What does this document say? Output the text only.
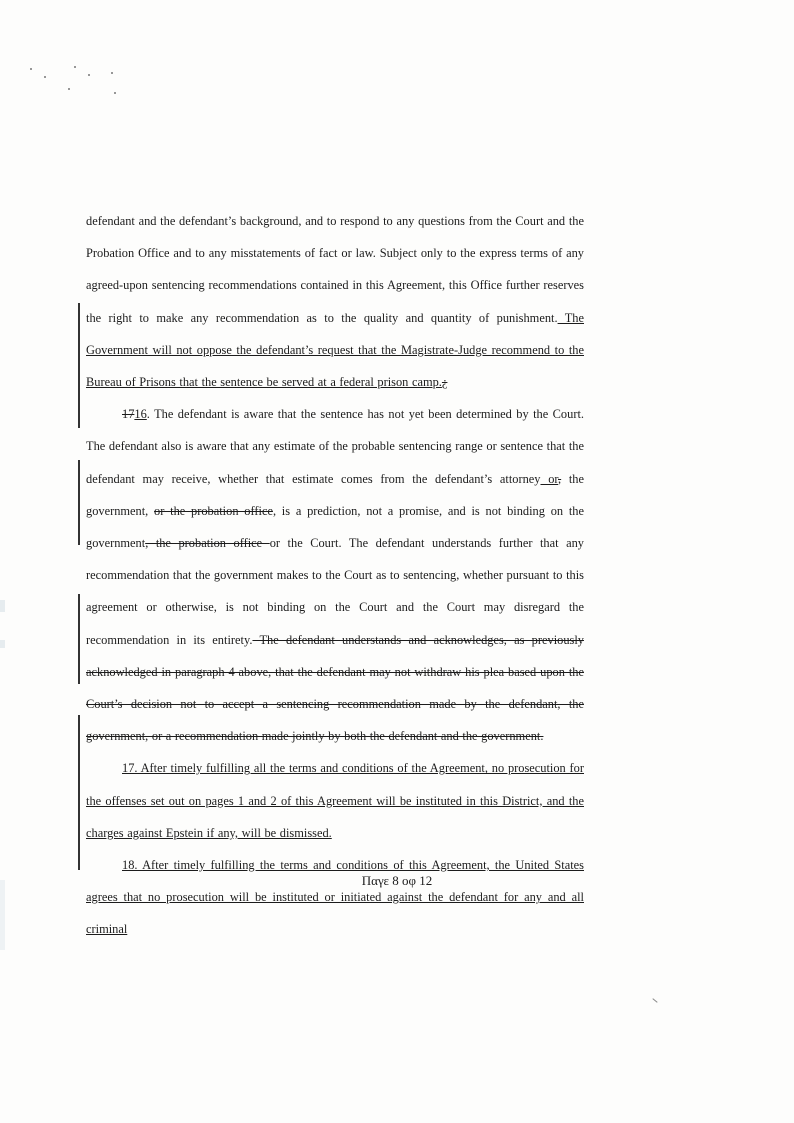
defendant and the defendant’s background, and to respond to any questions from the Court and the Probation Office and to any misstatements of fact or law. Subject only to the express terms of any agreed-upon sentencing recommendations contained in this Agreement, this Office further reserves the right to make any recommendation as to the quality and quantity of punishment. The Government will not oppose the defendant’s request that the Magistrate-Judge recommend to the Bureau of Prisons that the sentence be served at a federal prison camp.¿

1716. The defendant is aware that the sentence has not yet been determined by the Court. The defendant also is aware that any estimate of the probable sentencing range or sentence that the defendant may receive, whether that estimate comes from the defendant’s attorney or, the government, or the probation office, is a prediction, not a promise, and is not binding on the government, the probation office or the Court. The defendant understands further that any recommendation that the government makes to the Court as to sentencing, whether pursuant to this agreement or otherwise, is not binding on the Court and the Court may disregard the recommendation in its entirety. The defendant understands and acknowledges, as previously acknowledged in paragraph 4 above, that the defendant may not withdraw his plea based upon the Court’s decision not to accept a sentencing recommendation made by the defendant, the government, or a recommendation made jointly by both the defendant and the government.

17. After timely fulfilling all the terms and conditions of the Agreement, no prosecution for the offenses set out on pages 1 and 2 of this Agreement will be instituted in this District, and the charges against Epstein if any, will be dismissed.

18. After timely fulfilling the terms and conditions of this Agreement, the United States agrees that no prosecution will be instituted or initiated against the defendant for any and all criminal

Παγε 8 οφ 12
